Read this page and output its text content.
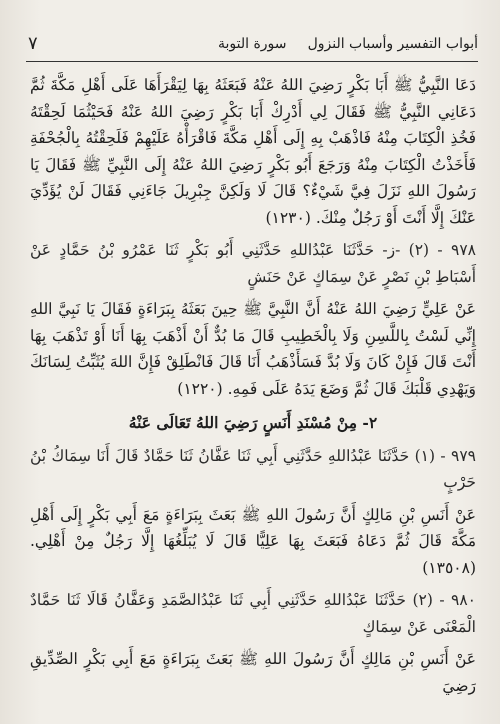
أبواب التفسير وأسباب النزول
سورة التوبة
٧

دَعَا النَّبِيُّ ﷺ أَبَا بَكْرٍ رَضِيَ اللهُ عَنْهُ فَبَعَثَهُ بِهَا لِيَقْرَأَهَا عَلَى أَهْلِ مَكَّةَ ثُمَّ دَعَانِي النَّبِيُّ ﷺ فَقَالَ لِي أَدْرِكْ أَبَا بَكْرٍ رَضِيَ اللهُ عَنْهُ فَحَيْثُمَا لَحِقْتَهُ فَخُذِ الْكِتَابَ مِنْهُ فَاذْهَبْ بِهِ إِلَى أَهْلِ مَكَّةَ فَاقْرَأْهُ عَلَيْهِمْ فَلَحِقْتُهُ بِالْجُحْفَةِ فَأَخَذْتُ الْكِتَابَ مِنْهُ وَرَجَعَ أَبُو بَكْرٍ رَضِيَ اللهُ عَنْهُ إِلَى النَّبِيِّ ﷺ فَقَالَ يَا رَسُولَ اللهِ نَزَلَ فِيَّ شَيْءٌ؟ قَالَ لَا وَلَكِنَّ جِبْرِيلَ جَاءَنِي فَقَالَ لَنْ يُؤَدِّيَ عَنْكَ إِلَّا أَنْتَ أَوْ رَجُلٌ مِنْكَ. (١٢٣٠)

٩٧٨ - (٢) -ز- حَدَّثَنَا عَبْدُاللهِ حَدَّثَنِي أَبُو بَكْرٍ ثَنَا عَمْرُو بْنُ حَمَّادٍ عَنْ أَسْبَاطِ بْنِ نَصْرٍ عَنْ سِمَاكٍ عَنْ حَنَشٍ

عَنْ عَلِيٍّ رَضِيَ اللهُ عَنْهُ أَنَّ النَّبِيَّ ﷺ حِينَ بَعَثَهُ بِبَرَاءَةٍ فَقَالَ يَا نَبِيَّ اللهِ إِنِّي لَسْتُ بِاللَّسِنِ وَلَا بِالْخَطِيبِ قَالَ مَا بُدٌّ أَنْ أَذْهَبَ بِهَا أَنَا أَوْ تَذْهَبَ بِهَا أَنْتَ قَالَ فَإِنْ كَانَ وَلَا بُدَّ فَسَأَذْهَبُ أَنَا قَالَ فَانْطَلِقْ فَإِنَّ اللهَ يُثَبِّتُ لِسَانَكَ وَيَهْدِي قَلْبَكَ قَالَ ثُمَّ وَضَعَ يَدَهُ عَلَى فَمِهِ. (١٢٢٠)

٢- مِنْ مُسْنَدِ أَنَسٍ رَضِيَ اللهُ تَعَالَى عَنْهُ

٩٧٩ - (١) حَدَّثَنَا عَبْدُاللهِ حَدَّثَنِي أَبِي ثَنَا عَفَّانُ ثَنَا حَمَّادٌ قَالَ أَنَا سِمَاكُ بْنُ حَرْبٍ

عَنْ أَنَسِ بْنِ مَالِكٍ أَنَّ رَسُولَ اللهِ ﷺ بَعَثَ بِبَرَاءَةٍ مَعَ أَبِي بَكْرٍ إِلَى أَهْلِ مَكَّةَ قَالَ ثُمَّ دَعَاهُ فَبَعَثَ بِهَا عَلِيًّا قَالَ لَا يُبَلِّغُهَا إِلَّا رَجُلٌ مِنْ أَهْلِي. (١٣٥٠٨)

٩٨٠ - (٢) حَدَّثَنَا عَبْدُاللهِ حَدَّثَنِي أَبِي ثَنَا عَبْدُالصَّمَدِ وَعَفَّانُ قَالَا ثَنَا حَمَّادٌ الْمَعْنَى عَنْ سِمَاكٍ

عَنْ أَنَسِ بْنِ مَالِكٍ أَنَّ رَسُولَ اللهِ ﷺ بَعَثَ بِبَرَاءَةٍ مَعَ أَبِي بَكْرٍ الصِّدِّيقِ رَضِيَ
